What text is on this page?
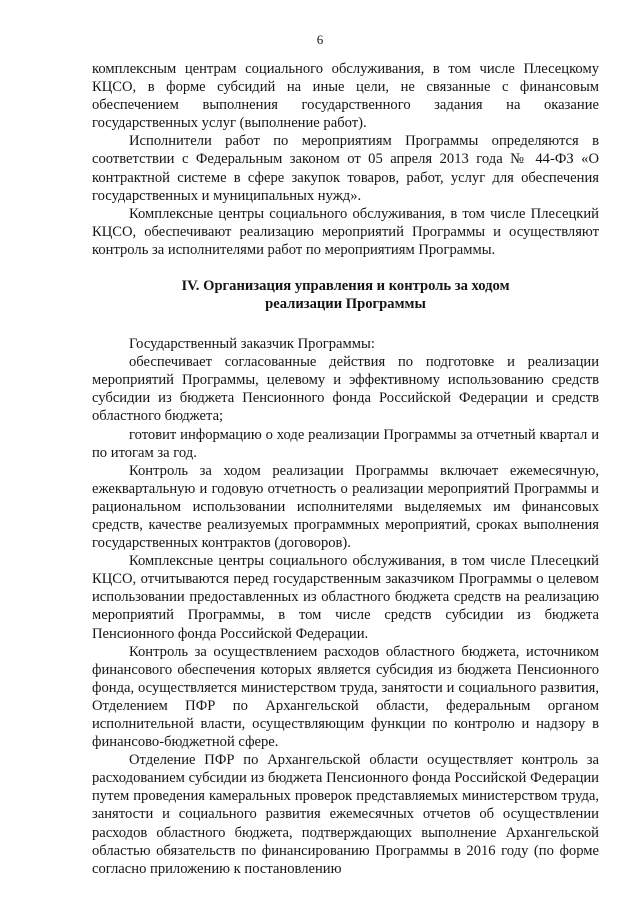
6

комплексным центрам социального обслуживания, в том числе Плесецкому КЦСО, в форме субсидий на иные цели, не связанные с финансовым обеспечением выполнения государственного задания на оказание государственных услуг (выполнение работ).

Исполнители работ по мероприятиям Программы определяются в соответствии с Федеральным законом от 05 апреля 2013 года № 44-ФЗ «О контрактной системе в сфере закупок товаров, работ, услуг для обеспечения государственных и муниципальных нужд».

Комплексные центры социального обслуживания, в том числе Плесецкий КЦСО, обеспечивают реализацию мероприятий Программы и осуществляют контроль за исполнителями работ по мероприятиям Программы.

IV. Организация управления и контроль за ходом
реализации Программы

Государственный заказчик Программы:

обеспечивает согласованные действия по подготовке и реализации мероприятий Программы, целевому и эффективному использованию средств субсидии из бюджета Пенсионного фонда Российской Федерации и средств областного бюджета;

готовит информацию о ходе реализации Программы за отчетный квартал и по итогам за год.

Контроль за ходом реализации Программы включает ежемесячную, ежеквартальную и годовую отчетность о реализации мероприятий Программы и рациональном использовании исполнителями выделяемых им финансовых средств, качестве реализуемых программных мероприятий, сроках выполнения государственных контрактов (договоров).

Комплексные центры социального обслуживания, в том числе Плесецкий КЦСО, отчитываются перед государственным заказчиком Программы о целевом использовании предоставленных из областного бюджета средств на реализацию мероприятий Программы, в том числе средств субсидии из бюджета Пенсионного фонда Российской Федерации.

Контроль за осуществлением расходов областного бюджета, источником финансового обеспечения которых является субсидия из бюджета Пенсионного фонда, осуществляется министерством труда, занятости и социального развития, Отделением ПФР по Архангельской области, федеральным органом исполнительной власти, осуществляющим функции по контролю и надзору в финансово-бюджетной сфере.

Отделение ПФР по Архангельской области осуществляет контроль за расходованием субсидии из бюджета Пенсионного фонда Российской Федерации путем проведения камеральных проверок представляемых министерством труда, занятости и социального развития ежемесячных отчетов об осуществлении расходов областного бюджета, подтверждающих выполнение Архангельской областью обязательств по финансированию Программы в 2016 году (по форме согласно приложению к постановлению
